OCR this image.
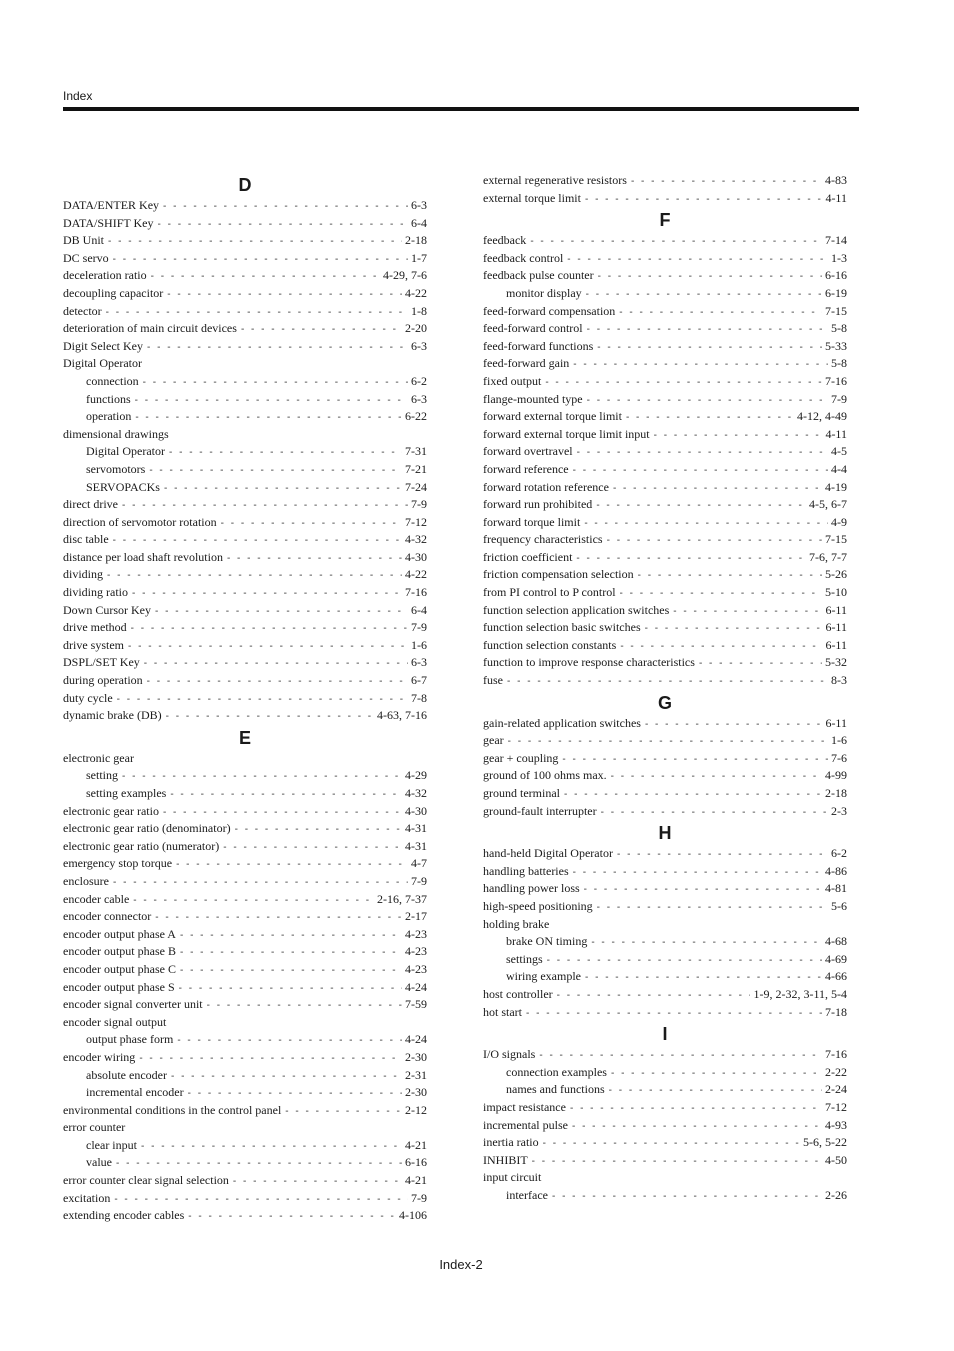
Index
D
DATA/ENTER Key - - -	6-3
DATA/SHIFT Key - - -	6-4
DB Unit - - -	2-18
DC servo - - -	1-7
deceleration ratio - - -	4-29, 7-6
decoupling capacitor - - -	4-22
detector - - -	1-8
deterioration of main circuit devices - - -	2-20
Digit Select Key - - -	6-3
Digital Operator
connection - - -	6-2
functions - - -	6-3
operation - - -	6-22
dimensional drawings
Digital Operator - - -	7-31
servomotors - - -	7-21
SERVOPACKs - - -	7-24
direct drive - - -	7-9
direction of servomotor rotation - - -	7-12
disc table - - -	4-32
distance per load shaft revolution - - -	4-30
dividing - - -	4-22
dividing ratio - - -	7-16
Down Cursor Key - - -	6-4
drive method - - -	7-9
drive system - - -	1-6
DSPL/SET Key - - -	6-3
during operation - - -	6-7
duty cycle - - -	7-8
dynamic brake (DB) - - -	4-63, 7-16
E
electronic gear
setting - - -	4-29
setting examples - - -	4-32
electronic gear ratio - - -	4-30
electronic gear ratio (denominator) - - -	4-31
electronic gear ratio (numerator) - - -	4-31
emergency stop torque - - -	4-7
enclosure - - -	7-9
encoder cable - - -	2-16, 7-37
encoder connector - - -	2-17
encoder output phase A - - -	4-23
encoder output phase B - - -	4-23
encoder output phase C - - -	4-23
encoder output phase S - - -	4-24
encoder signal converter unit - - -	7-59
encoder signal output
output phase form - - -	4-24
encoder wiring - - -	2-30
absolute encoder - - -	2-31
incremental encoder - - -	2-30
environmental conditions in the control panel - - -	2-12
error counter
clear input - - -	4-21
value - - -	6-16
error counter clear signal selection - - -	4-21
excitation - - -	7-9
extending encoder cables - - -	4-106
external regenerative resistors - - -	4-83
external torque limit - - -	4-11
F
feedback - - -	7-14
feedback control - - -	1-3
feedback pulse counter - - -	6-16
monitor display - - -	6-19
feed-forward compensation - - -	7-15
feed-forward control - - -	5-8
feed-forward functions - - -	5-33
feed-forward gain - - -	5-8
fixed output - - -	7-16
flange-mounted type - - -	7-9
forward external torque limit - - -	4-12, 4-49
forward external torque limit input - - -	4-11
forward overtravel - - -	4-5
forward reference - - -	4-4
forward rotation reference - - -	4-19
forward run prohibited - - -	4-5, 6-7
forward torque limit - - -	4-9
frequency characteristics - - -	7-15
friction coefficient - - -	7-6, 7-7
friction compensation selection - - -	5-26
from PI control to P control - - -	5-10
function selection application switches - - -	6-11
function selection basic switches - - -	6-11
function selection constants - - -	6-11
function to improve response characteristics - - -	5-32
fuse - - -	8-3
G
gain-related application switches - - -	6-11
gear - - -	1-6
gear + coupling - - -	7-6
ground of 100 ohms max. - - -	4-99
ground terminal - - -	2-18
ground-fault interrupter - - -	2-3
H
hand-held Digital Operator - - -	6-2
handling batteries - - -	4-86
handling power loss - - -	4-81
high-speed positioning - - -	5-6
holding brake
brake ON timing - - -	4-68
settings - - -	4-69
wiring example - - -	4-66
host controller - - -	1-9, 2-32, 3-11, 5-4
hot start - - -	7-18
I
I/O signals - - -	7-16
connection examples - - -	2-22
names and functions - - -	2-24
impact resistance - - -	7-12
incremental pulse - - -	4-93
inertia ratio - - -	5-6, 5-22
INHIBIT - - -	4-50
input circuit
interface - - -	2-26
Index-2
